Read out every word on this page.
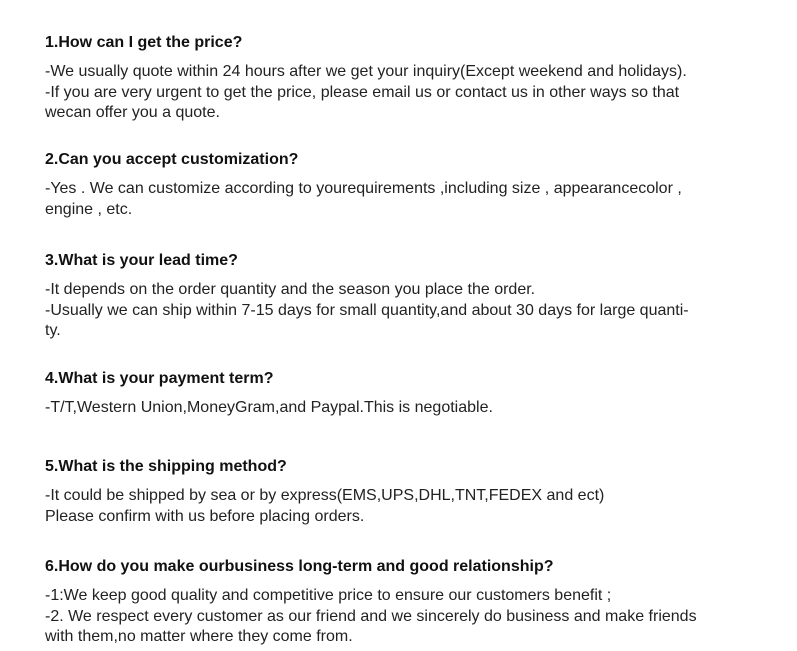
1.How can I get the price?

-We usually quote within 24 hours after we get your inquiry(Except weekend and holidays).

-If you are very urgent to get the price, please email us or contact us in other ways so that

wecan offer you a quote.

2.Can you accept customization?

-Yes . We can customize according to yourequirements ,including size , appearancecolor ,

engine , etc.

3.What is your lead time?

-It depends on the order quantity and the season you place the order.

-Usually we can ship within 7-15 days for small quantity,and about 30 days for large quanti-

ty.

4.What is your payment term?

-T/T,Western Union,MoneyGram,and Paypal.This is negotiable.

5.What is the shipping method?

-It could be shipped by sea or by express(EMS,UPS,DHL,TNT,FEDEX and ect)

Please confirm with us before placing orders.

6.How do you make ourbusiness long-term and good relationship?

-1:We keep good quality and competitive price to ensure our customers benefit ;

-2. We respect every customer as our friend and we sincerely do business and make friends

with them,no matter where they come from.
